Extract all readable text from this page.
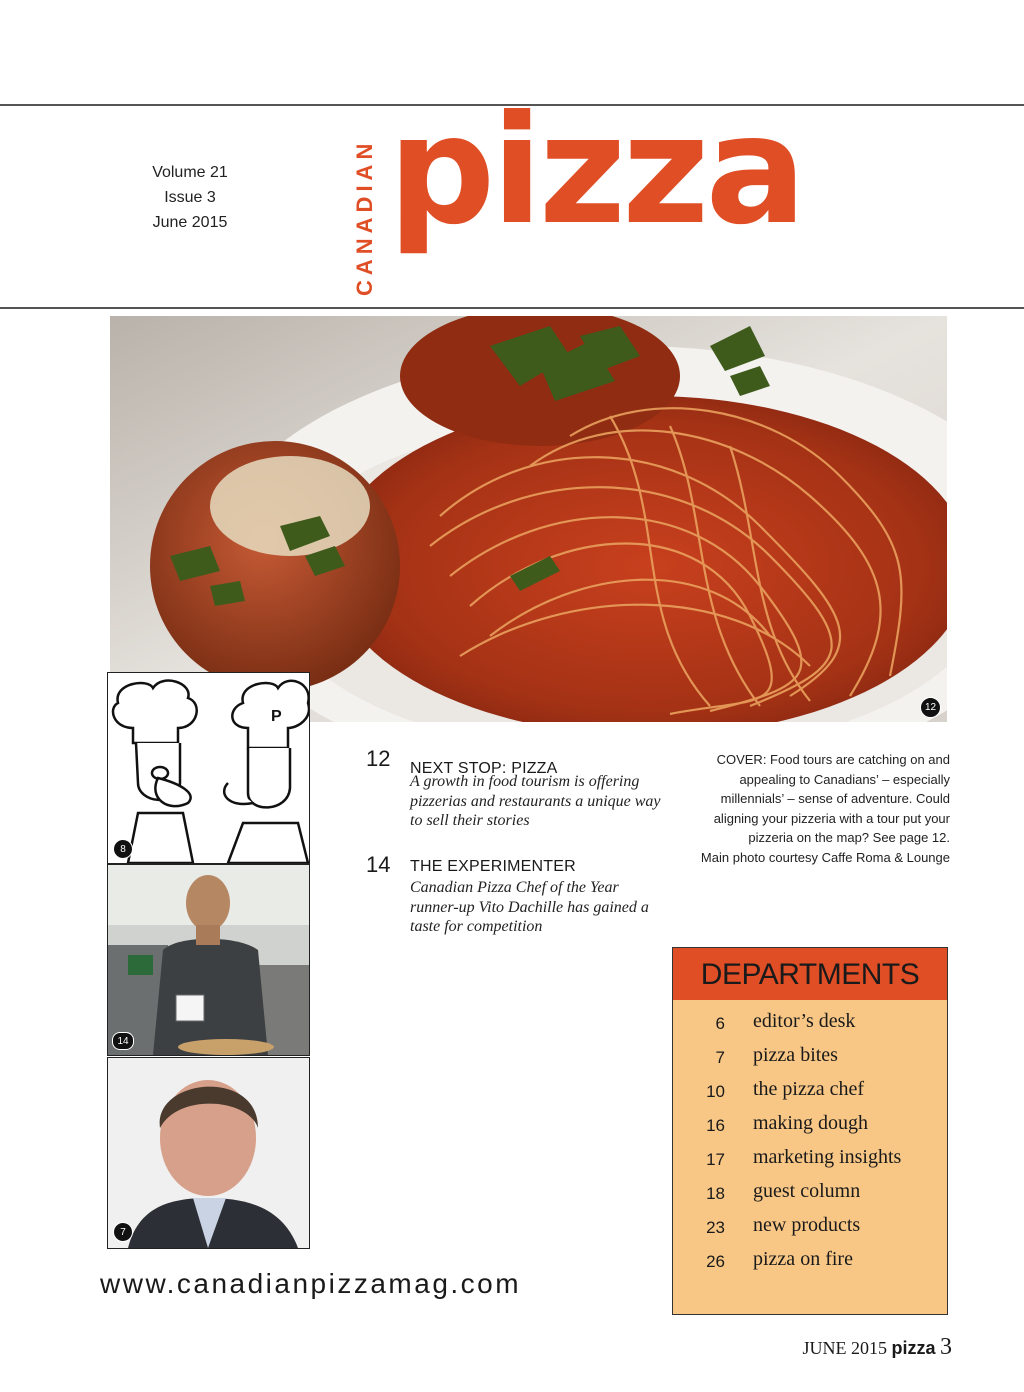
Volume 21
Issue 3
June 2015	CANADIAN pizza
12
P
8
14
7
12 NEXT STOP: PIZZA
A growth in food tourism is offering pizzerias and restaurants a unique way to sell their stories
14 THE EXPERIMENTER
Canadian Pizza Chef of the Year runner-up Vito Dachille has gained a taste for competition
COVER: Food tours are catching on and
appealing to Canadians’ – especially
millennials’ – sense of adventure. Could
aligning your pizzeria with a tour put your
pizzeria on the map? See page 12.
Main photo courtesy Caffe Roma & Lounge
DEPARTMENTS
6 editor’s desk
7 pizza bites
10 the pizza chef
16 making dough
17 marketing insights
18 guest column
23 new products
26 pizza on fire
www.canadianpizzamag.com
JUNE 2015 pizza 3
